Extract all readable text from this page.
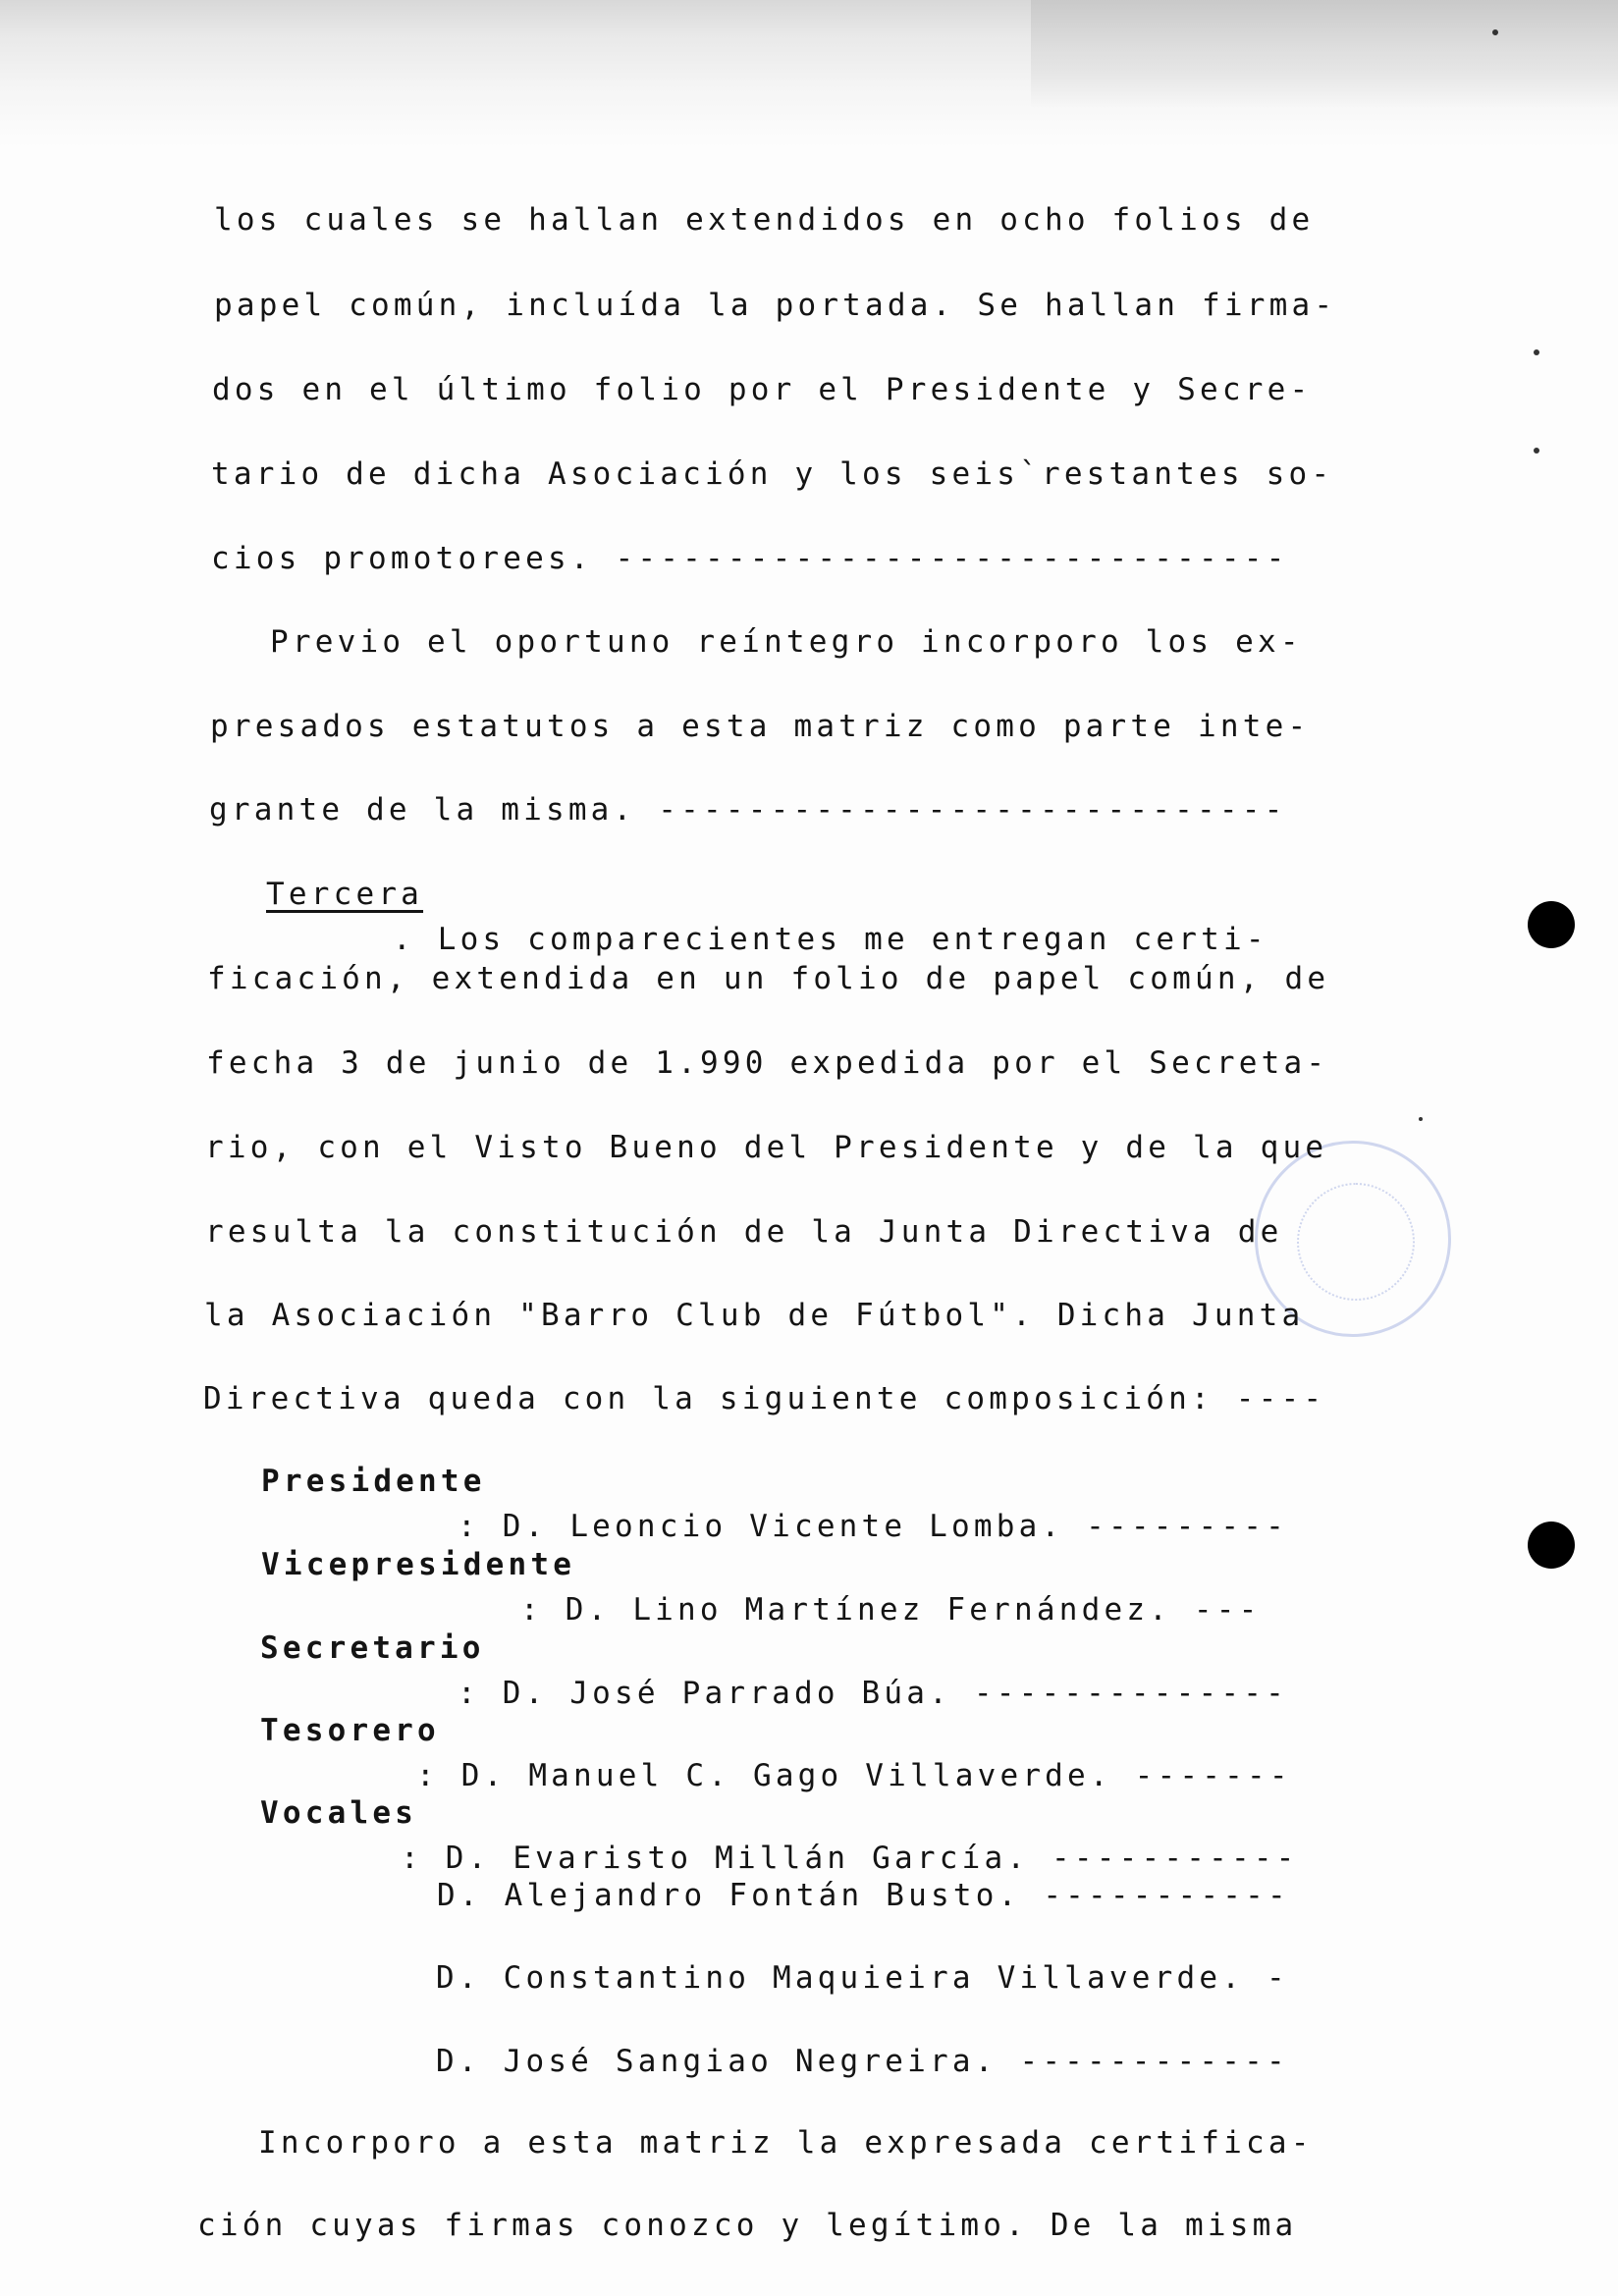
los cuales se hallan extendidos en ocho folios de

papel común, incluída la portada. Se hallan firma-

dos en el último folio por el Presidente y Secre-

tario de dicha Asociación y los seis`restantes so-

cios promotorees. ------------------------------

Previo el oportuno reíntegro incorporo los ex-

presados estatutos a esta matriz como parte inte-

grante de la misma. ----------------------------

Tercera

. Los comparecientes me entregan certi-

ficación, extendida en un folio de papel común, de

fecha 3 de junio de 1.990 expedida por el Secreta-

rio, con el Visto Bueno del Presidente y de la que

resulta la constitución de la Junta Directiva de

la Asociación "Barro Club de Fútbol". Dicha Junta

Directiva queda con la siguiente composición: ----

Presidente

: D. Leoncio Vicente Lomba. ---------

Vicepresidente

: D. Lino Martínez Fernández. ---

Secretario

: D. José Parrado Búa. --------------

Tesorero

: D. Manuel C. Gago Villaverde. -------

Vocales

: D. Evaristo Millán García. -----------

D. Alejandro Fontán Busto. -----------

D. Constantino Maquieira Villaverde. -

D. José Sangiao Negreira. ------------

Incorporo a esta matriz la expresada certifica-

ción cuyas firmas conozco y legítimo. De la misma
